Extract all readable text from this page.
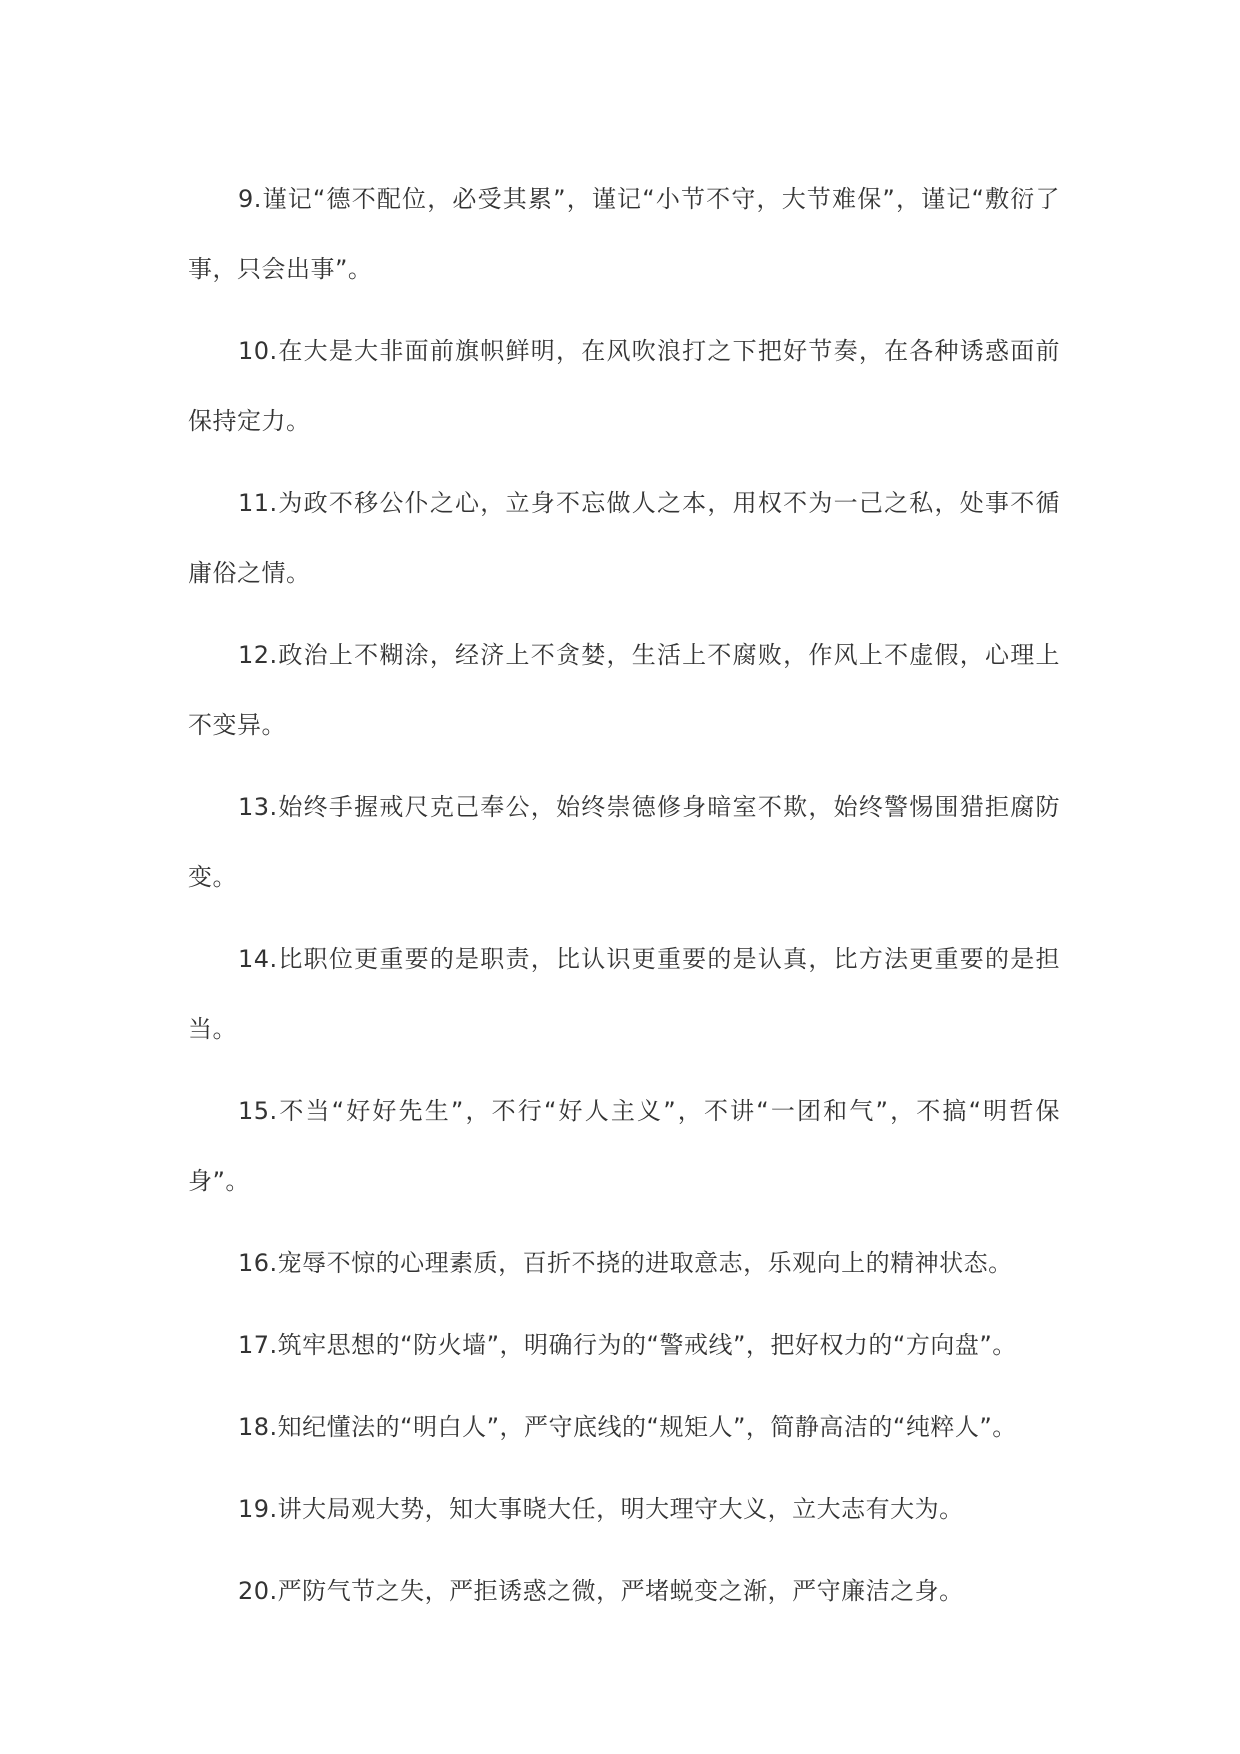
9.谨记“德不配位，必受其累”，谨记“小节不守，大节难保”，谨记“敷衍了事，只会出事”。

10.在大是大非面前旗帜鲜明，在风吹浪打之下把好节奏，在各种诱惑面前保持定力。

11.为政不移公仆之心，立身不忘做人之本，用权不为一己之私，处事不循庸俗之情。

12.政治上不糊涂，经济上不贪婪，生活上不腐败，作风上不虚假，心理上不变异。

13.始终手握戒尺克己奉公，始终崇德修身暗室不欺，始终警惕围猎拒腐防变。

14.比职位更重要的是职责，比认识更重要的是认真，比方法更重要的是担当。

15.不当“好好先生”，不行“好人主义”，不讲“一团和气”，不搞“明哲保身”。

16.宠辱不惊的心理素质，百折不挠的进取意志，乐观向上的精神状态。

17.筑牢思想的“防火墙”，明确行为的“警戒线”，把好权力的“方向盘”。

18.知纪懂法的“明白人”，严守底线的“规矩人”，简静高洁的“纯粹人”。

19.讲大局观大势，知大事晓大任，明大理守大义，立大志有大为。

20.严防气节之失，严拒诱惑之微，严堵蜕变之渐，严守廉洁之身。
